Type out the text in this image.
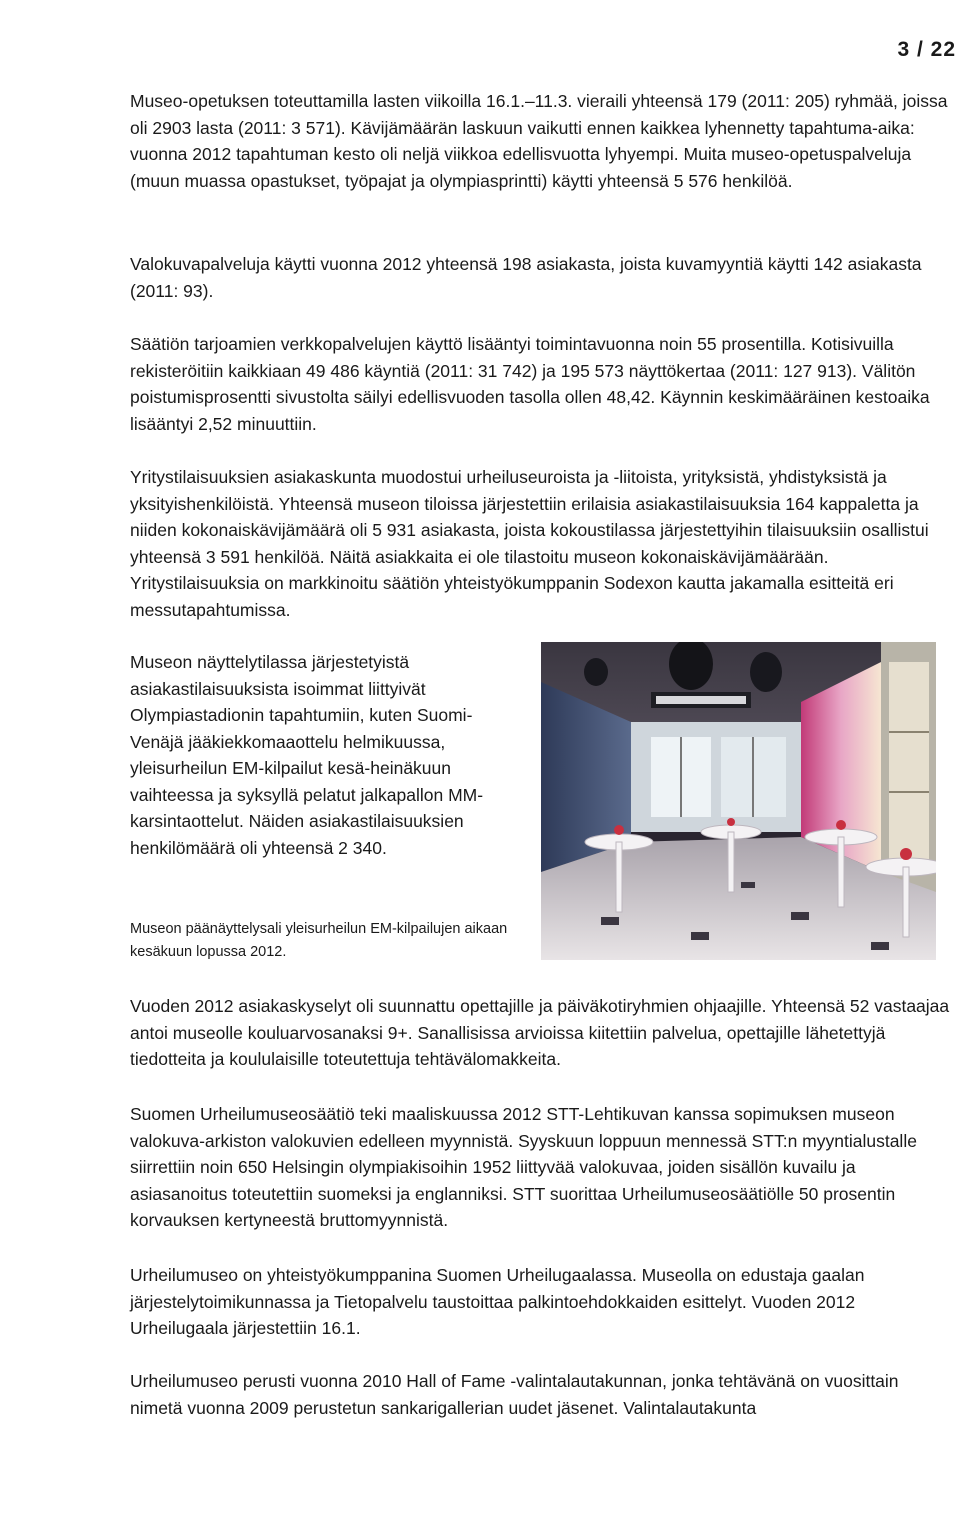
3 / 22

Museo-opetuksen toteuttamilla lasten viikoilla 16.1.–11.3. vieraili yhteensä 179 (2011: 205) ryhmää, joissa oli 2903 lasta (2011: 3 571). Kävijämäärän laskuun vaikutti ennen kaikkea lyhennetty tapahtuma-aika: vuonna 2012 tapahtuman kesto oli neljä viikkoa edellisvuotta lyhyempi. Muita museo-opetuspalveluja (muun muassa opastukset, työpajat ja olympiasprintti) käytti yhteensä 5 576 henkilöä.

Valokuvapalveluja käytti vuonna 2012 yhteensä 198 asiakasta, joista kuvamyyntiä käytti 142 asiakasta (2011: 93).

Säätiön tarjoamien verkkopalvelujen käyttö lisääntyi toimintavuonna noin 55 prosentilla. Kotisivuilla rekisteröitiin kaikkiaan 49 486 käyntiä (2011: 31 742) ja 195 573 näyttökertaa (2011: 127 913). Välitön poistumisprosentti sivustolta säilyi edellisvuoden tasolla ollen 48,42. Käynnin keskimääräinen kestoaika lisääntyi 2,52 minuuttiin.

Yritystilaisuuksien asiakaskunta muodostui urheiluseuroista ja -liitoista, yrityksistä, yhdistyksistä ja yksityishenkilöistä. Yhteensä museon tiloissa järjestettiin erilaisia asiakastilaisuuksia 164 kappaletta ja niiden kokonaiskävijämäärä oli 5 931 asiakasta, joista kokoustilassa järjestettyihin tilaisuuksiin osallistui yhteensä 3 591 henkilöä. Näitä asiakkaita ei ole tilastoitu museon kokonaiskävijämäärään. Yritystilaisuuksia on markkinoitu säätiön yhteistyökumppanin Sodexon kautta jakamalla esitteitä eri messutapahtumissa.

Museon näyttelytilassa järjestetyistä asiakastilaisuuksista isoimmat liittyivät Olympiastadionin tapahtumiin, kuten Suomi-Venäjä jääkiekkomaaottelu helmikuussa, yleisurheilun EM-kilpailut kesä-heinäkuun vaihteessa ja syksyllä pelatut jalkapallon MM-karsintaottelut. Näiden asiakastilaisuuksien henkilömäärä oli yhteensä 2 340.

Museon päänäyttelysali yleisurheilun EM-kilpailujen aikaan kesäkuun lopussa 2012.

Vuoden 2012 asiakaskyselyt oli suunnattu opettajille ja päiväkotiryhmien ohjaajille. Yhteensä 52 vastaajaa antoi museolle kouluarvosanaksi 9+. Sanallisissa arvioissa kiitettiin palvelua, opettajille lähetettyjä tiedotteita ja koululaisille toteutettuja tehtävälomakkeita.

Suomen Urheilumuseosäätiö teki maaliskuussa 2012 STT-Lehtikuvan kanssa sopimuksen museon valokuva-arkiston valokuvien edelleen myynnistä. Syyskuun loppuun mennessä STT:n myyntialustalle siirrettiin noin 650 Helsingin olympiakisoihin 1952 liittyvää valokuvaa, joiden sisällön kuvailu ja asiasanoitus toteutettiin suomeksi ja englanniksi. STT suorittaa Urheilumuseosäätiölle 50 prosentin korvauksen kertyneestä bruttomyynnistä.

Urheilumuseo on yhteistyökumppanina Suomen Urheilugaalassa. Museolla on edustaja gaalan järjestelytoimikunnassa ja Tietopalvelu taustoittaa palkintoehdokkaiden esittelyt. Vuoden 2012 Urheilugaala järjestettiin 16.1.

Urheilumuseo perusti vuonna 2010 Hall of Fame -valintalautakunnan, jonka tehtävänä on vuosittain nimetä vuonna 2009 perustetun sankarigallerian uudet jäsenet. Valintalautakunta
